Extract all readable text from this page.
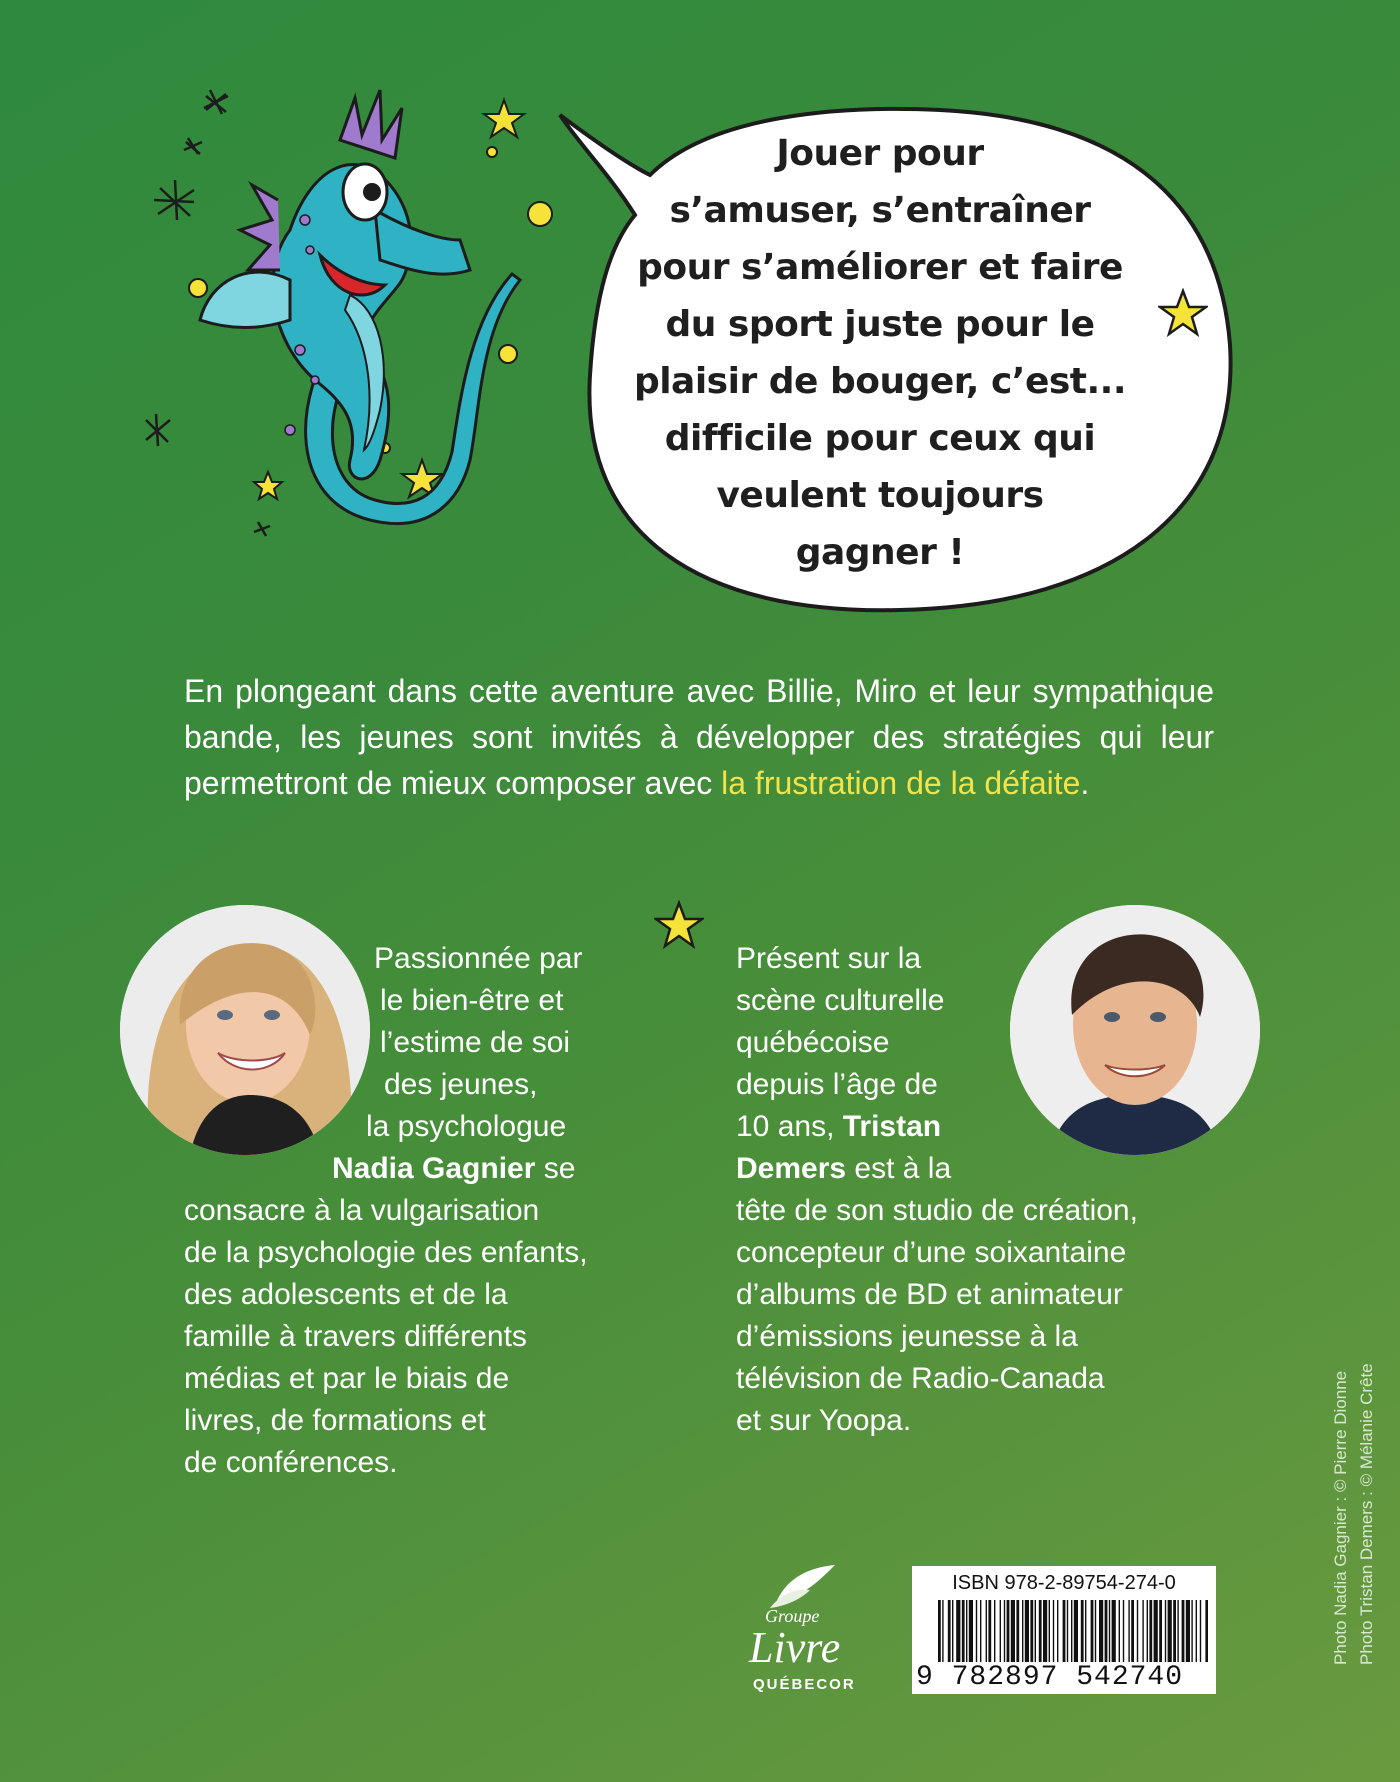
Jouer pour
s’amuser, s’entraîner
pour s’améliorer et faire
du sport juste pour le
plaisir de bouger, c’est...
difficile pour ceux qui
veulent toujours
gagner !
En plongeant dans cette aventure avec Billie, Miro et leur sympathique bande, les jeunes sont invités à développer des stratégies qui leur permettront de mieux composer avec la frustration de la défaite.
Passionnée par
le bien-être et
l’estime de soi
des jeunes,
la psychologue
Nadia Gagnier se
consacre à la vulgarisation
de la psychologie des enfants,
des adolescents et de la
famille à travers différents
médias et par le biais de
livres, de formations et
de conférences.
Présent sur la
scène culturelle
québécoise
depuis l’âge de
10 ans, Tristan
Demers est à la
tête de son studio de création,
concepteur d’une soixantaine
d’albums de BD et animateur
d’émissions jeunesse à la
télévision de Radio-Canada
et sur Yoopa.
Groupe
Livre
QUÉBECOR
ISBN 978-2-89754-274-0
9 782897 542740
Photo Nadia Gagnier : © Pierre Dionne Photo Tristan Demers : © Mélanie Crête
